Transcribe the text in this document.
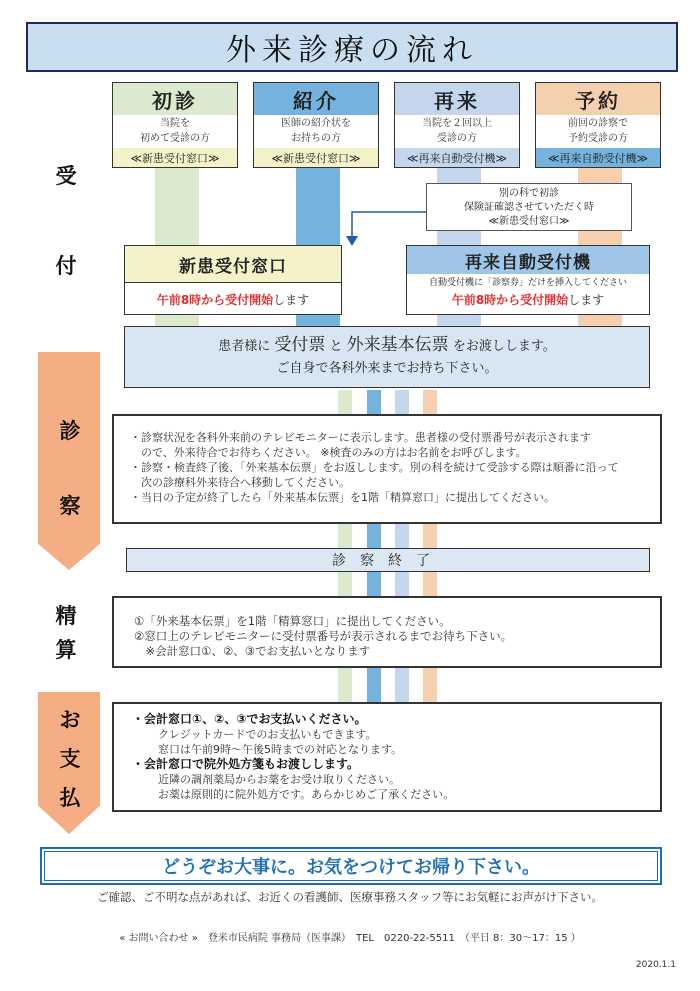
外来診療の流れ
初診
当院を
初めて受診の方
≪新患受付窓口≫
紹介
医師の紹介状を
お持ちの方
≪新患受付窓口≫
再来
当院を２回以上
受診の方
≪再来自動受付機≫
予約
前回の診察で
予約受診の方
≪再来自動受付機≫
別の科で初診
保険証確認させていただく時
≪新患受付窓口≫
新患受付窓口
午前8時から受付開始します
再来自動受付機
自動受付機に「診察券」だけを挿入してください
午前8時から受付開始します
患者様に 受付票 と 外来基本伝票 をお渡しします。
ご自身で各科外来までお持ち下さい。
受
付
診
察
精
算
お
支
払
・診察状況を各科外来前のテレビモニターに表示します。患者様の受付票番号が表示されます
　ので、外来待合でお待ちください。 ※検査のみの方はお名前をお呼びします。
・診察・検査終了後、「外来基本伝票」をお返しします。別の科を続けて受診する際は順番に沿って
　次の診療科外来待合へ移動してください。
・当日の予定が終了したら「外来基本伝票」を1階「精算窓口」に提出してください。
診察終了
①「外来基本伝票」を1階「精算窓口」に提出してください。
②窓口上のテレビモニターに受付票番号が表示されるまでお待ち下さい。
　※会計窓口①、②、③でお支払いとなります
・会計窓口①、②、③でお支払いください。
クレジットカードでのお支払いもできます。
窓口は午前9時～午後5時までの対応となります。
・会計窓口で院外処方箋もお渡しします。
近隣の調剤薬局からお薬をお受け取りください。
お薬は原則的に院外処方です。あらかじめご了承ください。
どうぞお大事に。お気をつけてお帰り下さい。
ご確認、ご不明な点があれば、お近くの看護師、医療事務スタッフ等にお気軽にお声がけ下さい。
« お問い合わせ »　登米市民病院 事務局（医事課）　TEL　0220-22-5511　（平日 8：30～17：15 ）
2020.1.1
